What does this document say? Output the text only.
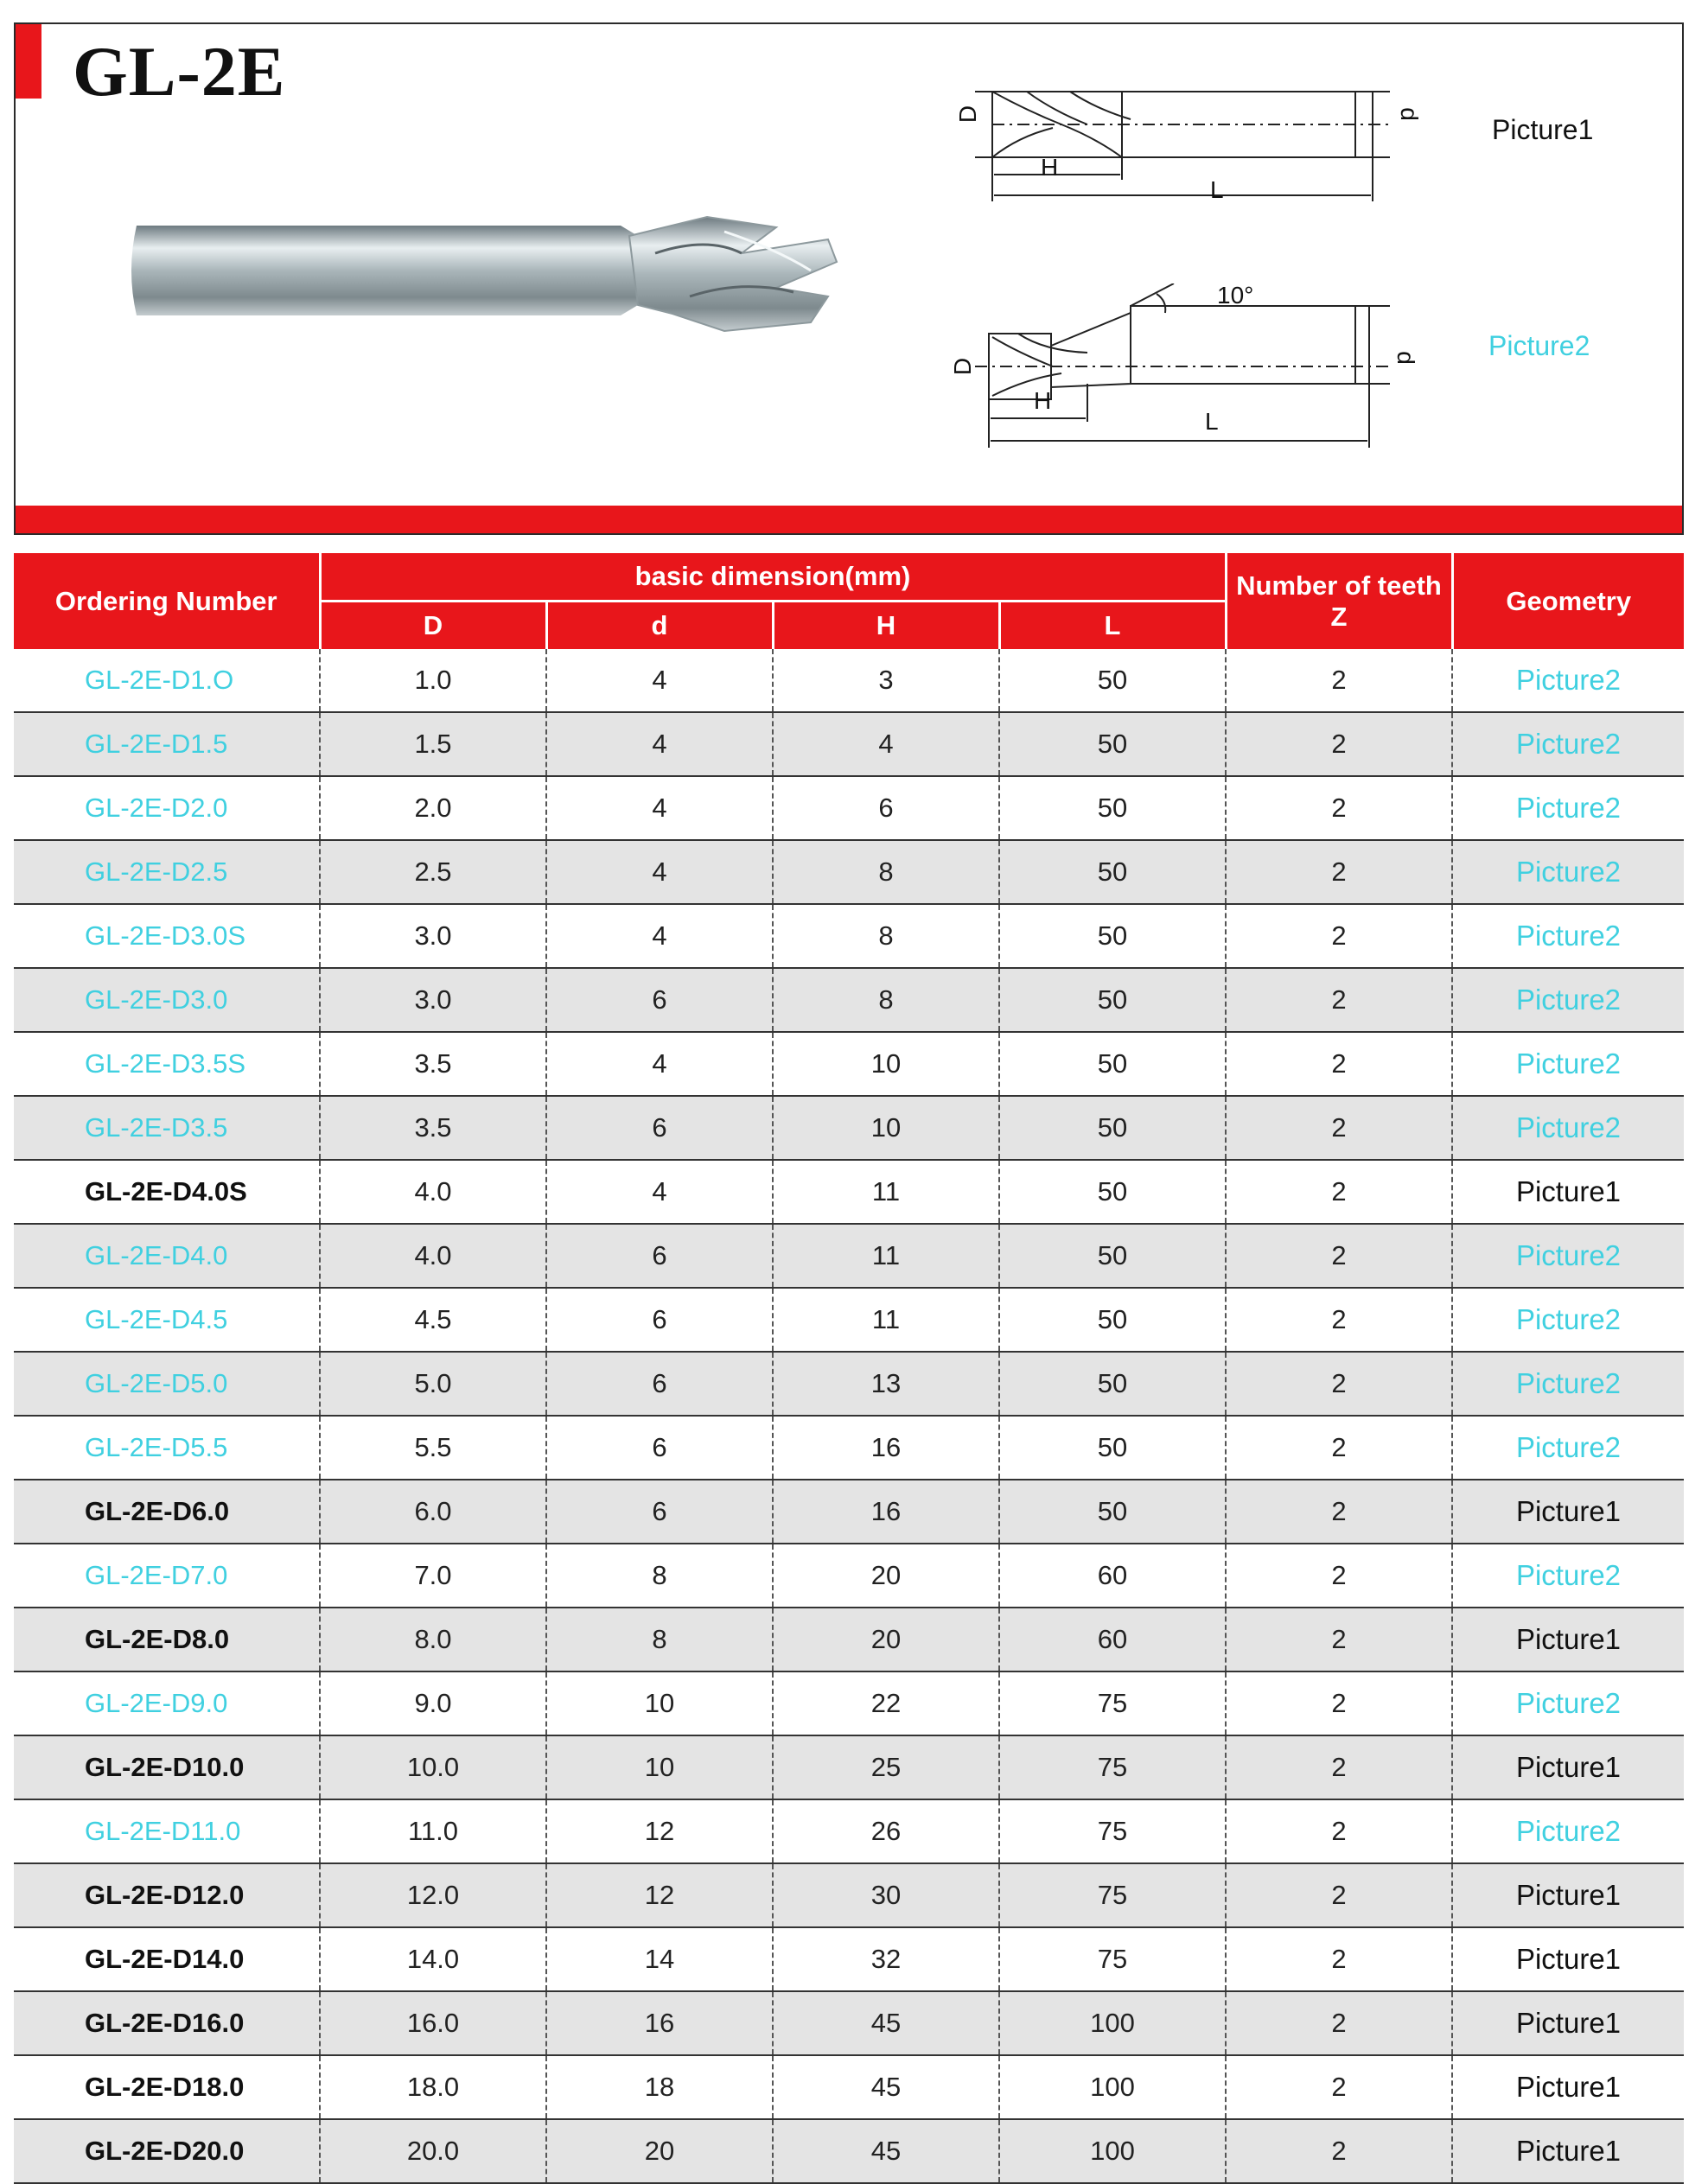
GL-2E
D	d
H
L
Picture1
D	d
H
L
10°
Picture2
Ordering Number	basic dimension(mm)				Number of teeth Z	Geometry
	D	d	H	L		
GL-2E-D1.O	1.0	4	3	50	2	Picture2
GL-2E-D1.5	1.5	4	4	50	2	Picture2
GL-2E-D2.0	2.0	4	6	50	2	Picture2
GL-2E-D2.5	2.5	4	8	50	2	Picture2
GL-2E-D3.0S	3.0	4	8	50	2	Picture2
GL-2E-D3.0	3.0	6	8	50	2	Picture2
GL-2E-D3.5S	3.5	4	10	50	2	Picture2
GL-2E-D3.5	3.5	6	10	50	2	Picture2
GL-2E-D4.0S	4.0	4	11	50	2	Picture1
GL-2E-D4.0	4.0	6	11	50	2	Picture2
GL-2E-D4.5	4.5	6	11	50	2	Picture2
GL-2E-D5.0	5.0	6	13	50	2	Picture2
GL-2E-D5.5	5.5	6	16	50	2	Picture2
GL-2E-D6.0	6.0	6	16	50	2	Picture1
GL-2E-D7.0	7.0	8	20	60	2	Picture2
GL-2E-D8.0	8.0	8	20	60	2	Picture1
GL-2E-D9.0	9.0	10	22	75	2	Picture2
GL-2E-D10.0	10.0	10	25	75	2	Picture1
GL-2E-D11.0	11.0	12	26	75	2	Picture2
GL-2E-D12.0	12.0	12	30	75	2	Picture1
GL-2E-D14.0	14.0	14	32	75	2	Picture1
GL-2E-D16.0	16.0	16	45	100	2	Picture1
GL-2E-D18.0	18.0	18	45	100	2	Picture1
GL-2E-D20.0	20.0	20	45	100	2	Picture1
